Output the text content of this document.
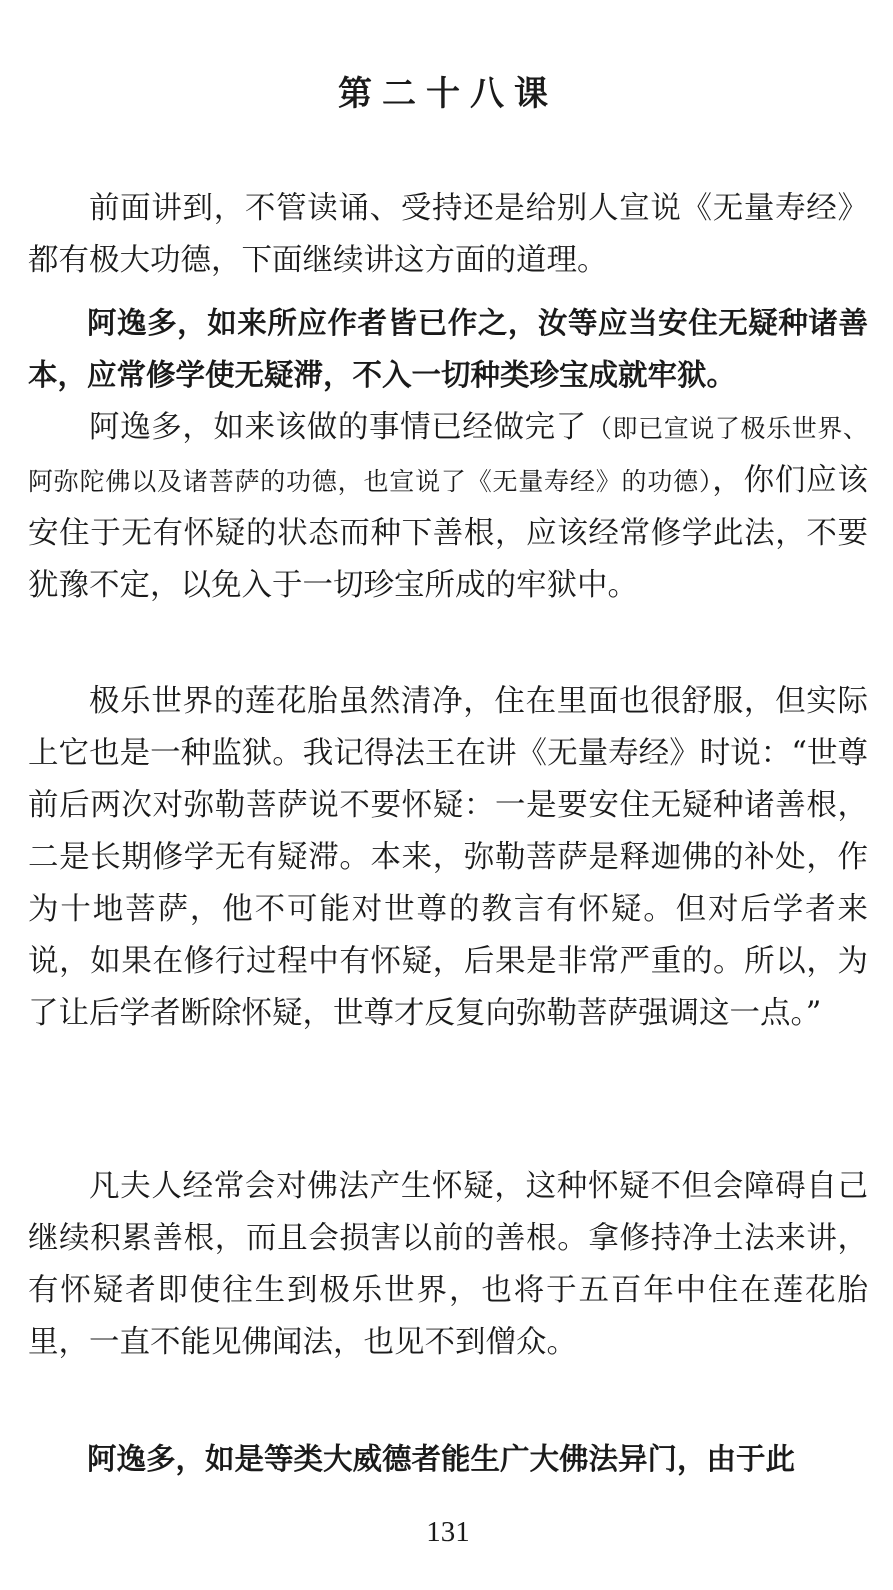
第二十八课

前面讲到，不管读诵、受持还是给别人宣说《无量寿经》都有极大功德，下面继续讲这方面的道理。

阿逸多，如来所应作者皆已作之，汝等应当安住无疑种诸善本，应常修学使无疑滞，不入一切种类珍宝成就牢狱。

阿逸多，如来该做的事情已经做完了（即已宣说了极乐世界、阿弥陀佛以及诸菩萨的功德，也宣说了《无量寿经》的功德），你们应该安住于无有怀疑的状态而种下善根，应该经常修学此法，不要犹豫不定，以免入于一切珍宝所成的牢狱中。

极乐世界的莲花胎虽然清净，住在里面也很舒服，但实际上它也是一种监狱。我记得法王在讲《无量寿经》时说：“世尊前后两次对弥勒菩萨说不要怀疑：一是要安住无疑种诸善根，二是长期修学无有疑滞。本来，弥勒菩萨是释迦佛的补处，作为十地菩萨，他不可能对世尊的教言有怀疑。但对后学者来说，如果在修行过程中有怀疑，后果是非常严重的。所以，为了让后学者断除怀疑，世尊才反复向弥勒菩萨强调这一点。”

凡夫人经常会对佛法产生怀疑，这种怀疑不但会障碍自己继续积累善根，而且会损害以前的善根。拿修持净土法来讲，有怀疑者即使往生到极乐世界，也将于五百年中住在莲花胎里，一直不能见佛闻法，也见不到僧众。

阿逸多，如是等类大威德者能生广大佛法异门，由于此

131
